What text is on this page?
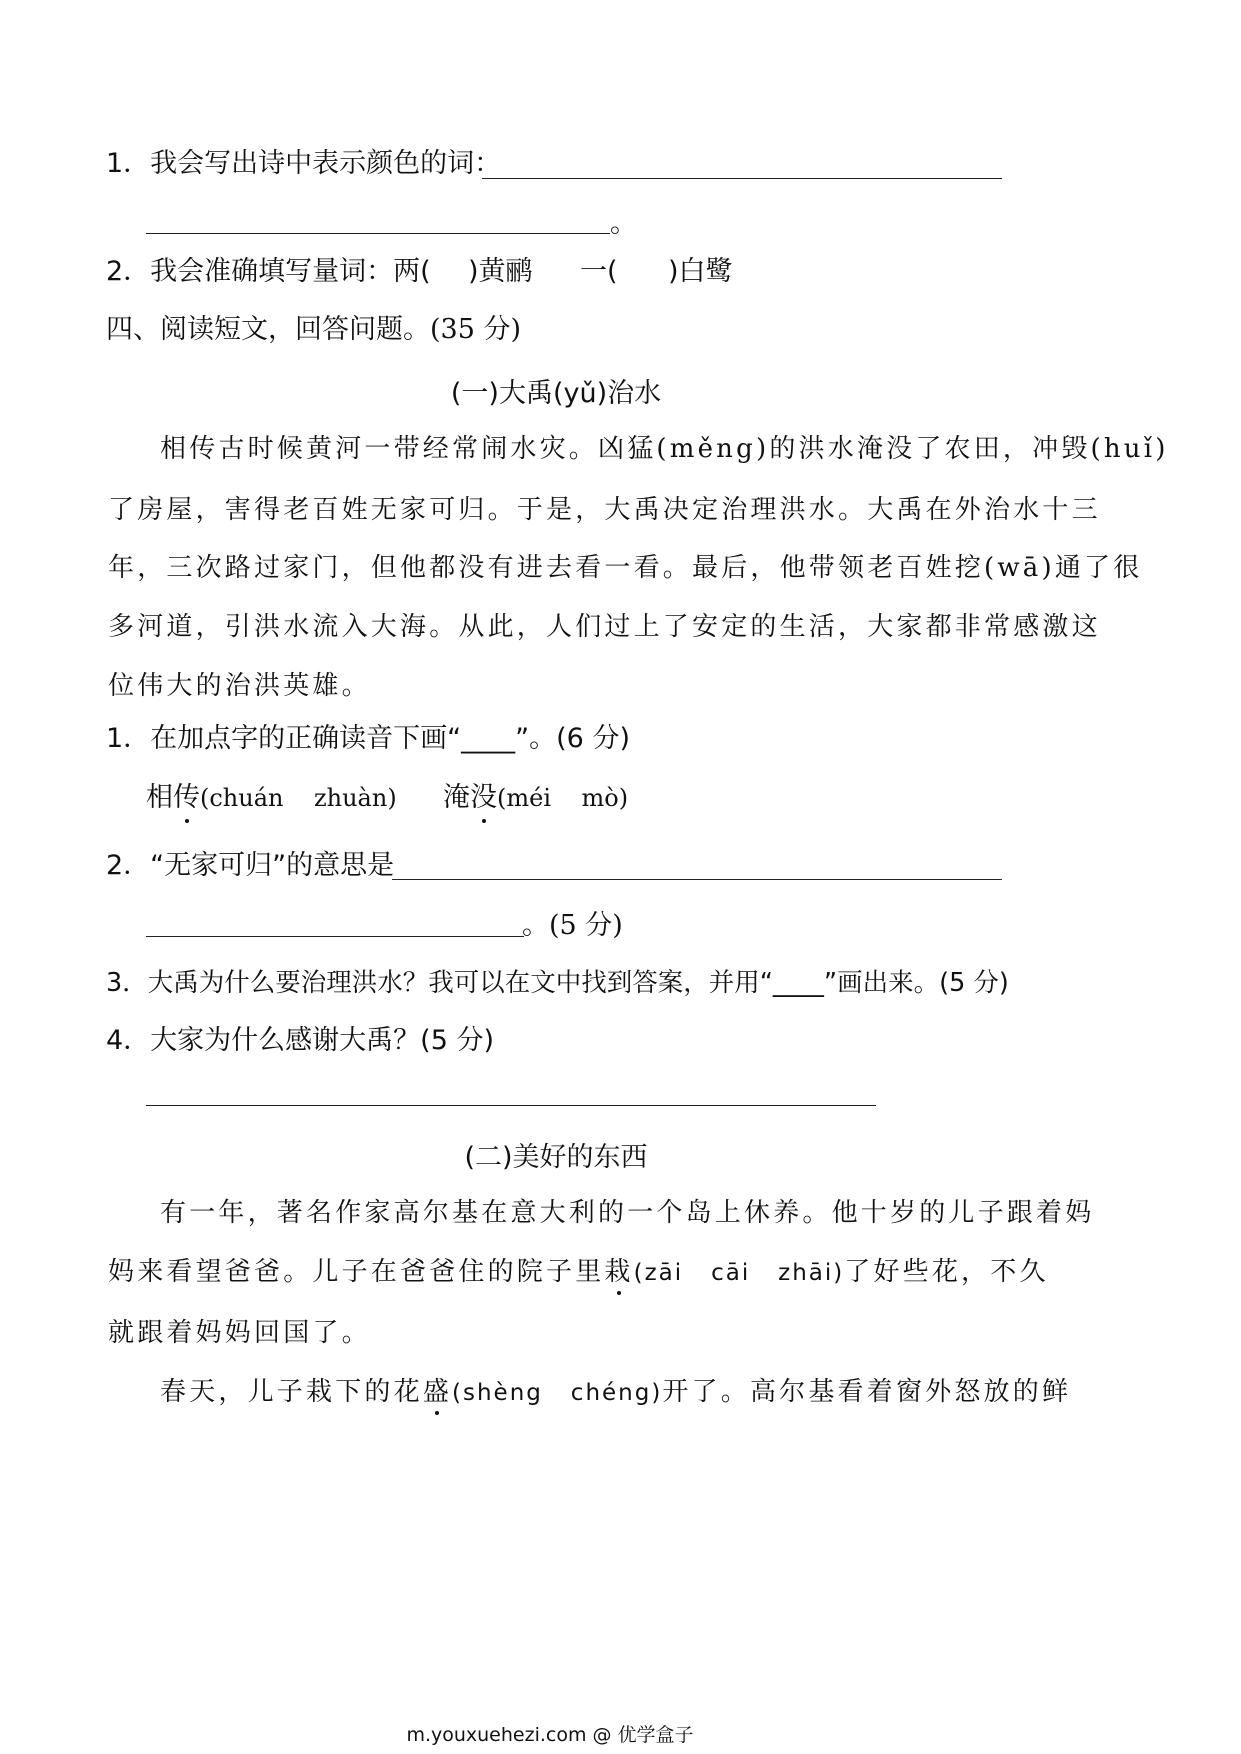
1．我会写出诗中表示颜色的词：
。
2．我会准确填写量词：两( )黄鹂 一( )白鹭
四、阅读短文，回答问题。(35 分)
(一)大禹(yǔ)治水
相传古时候黄河一带经常闹水灾。凶猛(měng)的洪水淹没了农田，冲毁(huǐ)
了房屋，害得老百姓无家可归。于是，大禹决定治理洪水。大禹在外治水十三
年，三次路过家门，但他都没有进去看一看。最后，他带领老百姓挖(wā)通了很
多河道，引洪水流入大海。从此，人们过上了安定的生活，大家都非常感激这
位伟大的治洪英雄。
1．在加点字的正确读音下画“____”。(6 分)
相传(chuán    zhuàn) 淹没(méi    mò)
2．“无家可归”的意思是
。(5 分)
3．大禹为什么要治理洪水？我可以在文中找到答案，并用“____”画出来。(5 分)
4．大家为什么感谢大禹？(5 分)
(二)美好的东西
有一年，著名作家高尔基在意大利的一个岛上休养。他十岁的儿子跟着妈
妈来看望爸爸。儿子在爸爸住的院子里栽(zāi   cāi   zhāi)了好些花，不久
就跟着妈妈回国了。
春天，儿子栽下的花盛(shèng   chéng)开了。高尔基看着窗外怒放的鲜
m.youxuehezi.com @ 优学盒子
